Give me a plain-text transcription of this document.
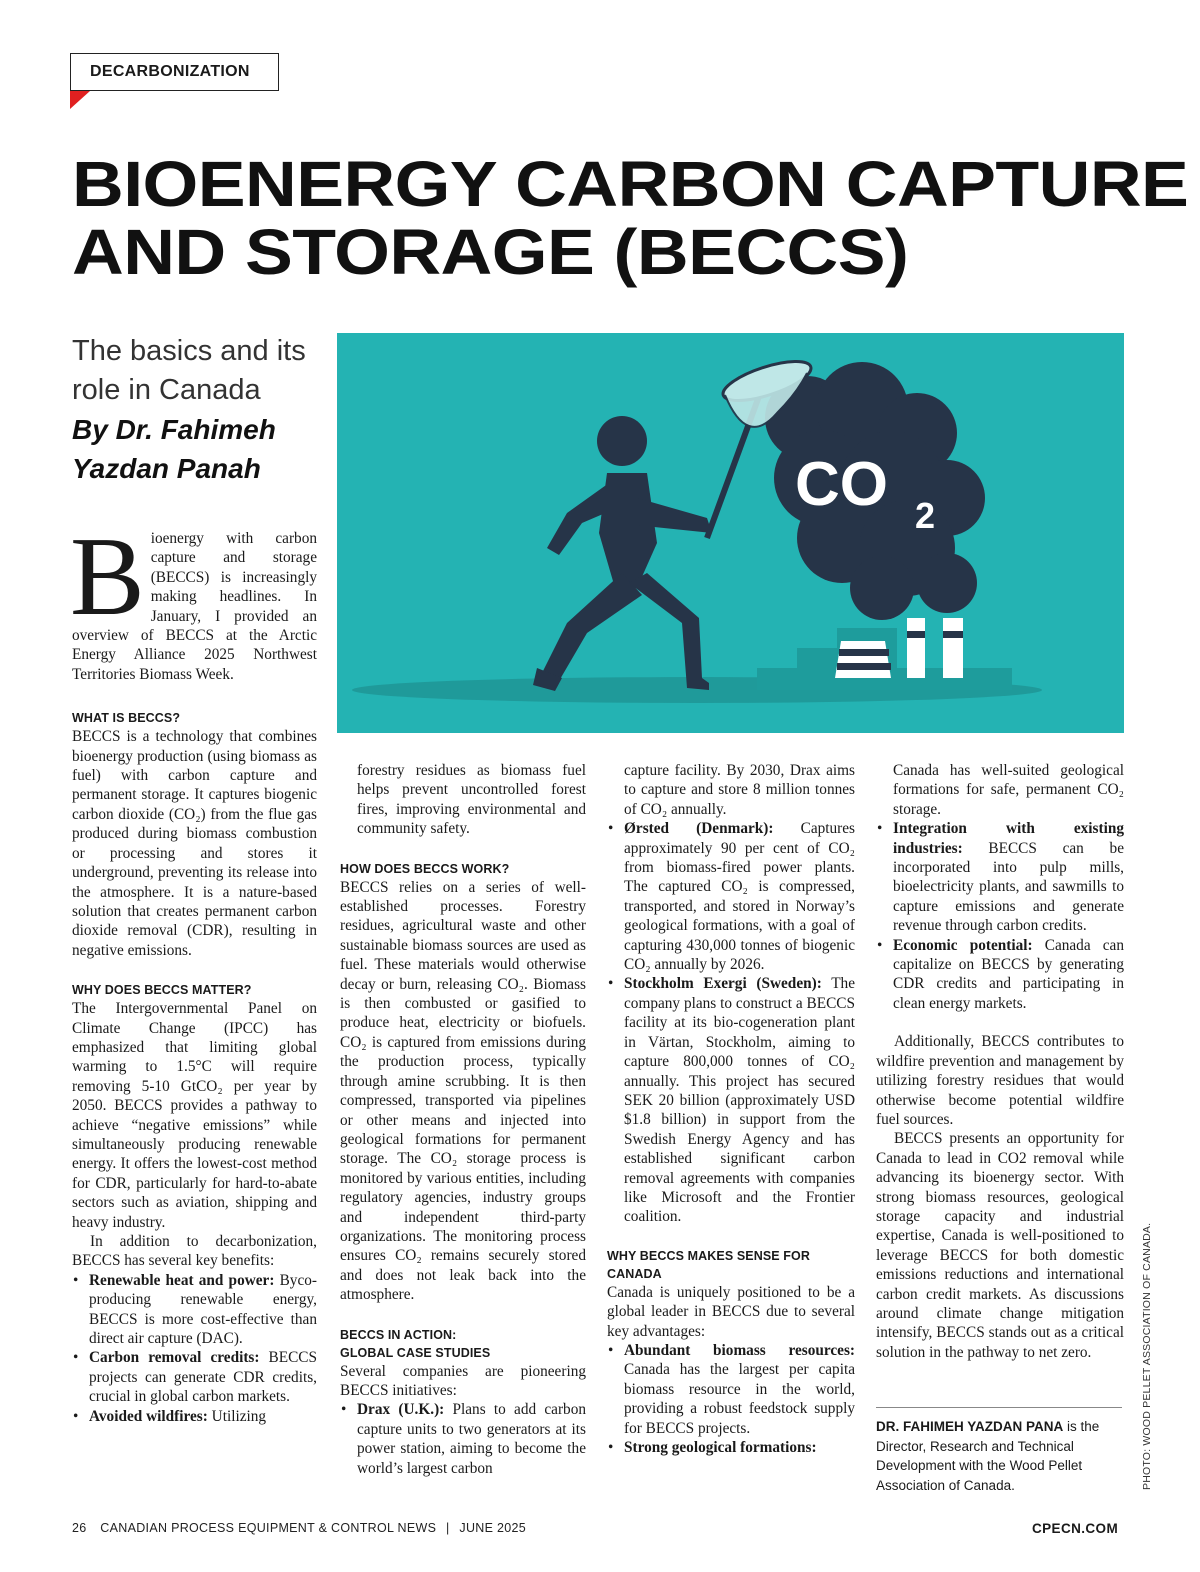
DECARBONIZATION
BIOENERGY CARBON CAPTURE
AND STORAGE (BECCS)
The basics and its role in Canada
By Dr. Fahimeh Yazdan Panah	CO 2

Bioenergy with carbon capture and storage (BECCS) is increasingly making headlines. In January, I provided an overview of BECCS at the Arctic Energy Alliance 2025 Northwest Territories Biomass Week.

WHAT IS BECCS?

BECCS is a technology that combines bioenergy production (using biomass as fuel) with carbon capture and permanent storage. It captures biogenic carbon dioxide (CO₂) from the flue gas produced during biomass combustion or processing and stores it underground, preventing its release into the atmosphere. It is a nature-based solution that creates permanent carbon dioxide removal (CDR), resulting in negative emissions.

WHY DOES BECCS MATTER?

The Intergovernmental Panel on Climate Change (IPCC) has emphasized that limiting global warming to 1.5°C will require removing 5-10 GtCO₂ per year by 2050. BECCS provides a pathway to achieve “negative emissions” while simultaneously producing renewable energy. It offers the lowest-cost method for CDR, particularly for hard-to-abate sectors such as aviation, shipping and heavy industry.

In addition to decarbonization, BECCS has several key benefits:

• Renewable heat and power: Byco-producing renewable energy, BECCS is more cost-effective than direct air capture (DAC).

• Carbon removal credits: BECCS projects can generate CDR credits, crucial in global carbon markets.

• Avoided wildfires: Utilizing

forestry residues as biomass fuel helps prevent uncontrolled forest fires, improving environmental and community safety.

HOW DOES BECCS WORK?

BECCS relies on a series of well-established processes. Forestry residues, agricultural waste and other sustainable biomass sources are used as fuel. These materials would otherwise decay or burn, releasing CO₂. Biomass is then combusted or gasified to produce heat, electricity or biofuels. CO₂ is captured from emissions during the production process, typically through amine scrubbing. It is then compressed, transported via pipelines or other means and injected into geological formations for permanent storage. The CO₂ storage process is monitored by various entities, including regulatory agencies, industry groups and independent third-party organizations. The monitoring process ensures CO₂ remains securely stored and does not leak back into the atmosphere.

BECCS IN ACTION:

GLOBAL CASE STUDIES

Several companies are pioneering BECCS initiatives:

• Drax (U.K.): Plans to add carbon capture units to two generators at its power station, aiming to become the world’s largest carbon

capture facility. By 2030, Drax aims to capture and store 8 million tonnes of CO₂ annually.

• Ørsted (Denmark): Captures approximately 90 per cent of CO₂ from biomass-fired power plants. The captured CO₂ is compressed, transported, and stored in Norway’s geological formations, with a goal of capturing 430,000 tonnes of biogenic CO₂ annually by 2026.

• Stockholm Exergi (Sweden): The company plans to construct a BECCS facility at its bio-cogeneration plant in Värtan, Stockholm, aiming to capture 800,000 tonnes of CO₂ annually. This project has secured SEK 20 billion (approximately USD $1.8 billion) in support from the Swedish Energy Agency and has established significant carbon removal agreements with companies like Microsoft and the Frontier coalition.

WHY BECCS MAKES SENSE FOR CANADA

Canada is uniquely positioned to be a global leader in BECCS due to several key advantages:

• Abundant biomass resources: Canada has the largest per capita biomass resource in the world, providing a robust feedstock supply for BECCS projects.

• Strong geological formations:

Canada has well-suited geological formations for safe, permanent CO₂ storage.

• Integration with existing industries: BECCS can be incorporated into pulp mills, bioelectricity plants, and sawmills to capture emissions and generate revenue through carbon credits.

• Economic potential: Canada can capitalize on BECCS by generating CDR credits and participating in clean energy markets.

Additionally, BECCS contributes to wildfire prevention and management by utilizing forestry residues that would otherwise become potential wildfire fuel sources.

BECCS presents an opportunity for Canada to lead in CO2 removal while advancing its bioenergy sector. With strong biomass resources, geological storage capacity and industrial expertise, Canada is well-positioned to leverage BECCS for both domestic emissions reductions and international carbon credit markets. As discussions around climate change mitigation intensify, BECCS stands out as a critical solution in the pathway to net zero.

DR. FAHIMEH YAZDAN PANA is the Director, Research and Technical Development with the Wood Pellet Association of Canada.	PHOTO: WOOD PELLET ASSOCIATION OF CANADA.
26 CANADIAN PROCESS EQUIPMENT & CONTROL NEWS | JUNE 2025	CPECN.COM
